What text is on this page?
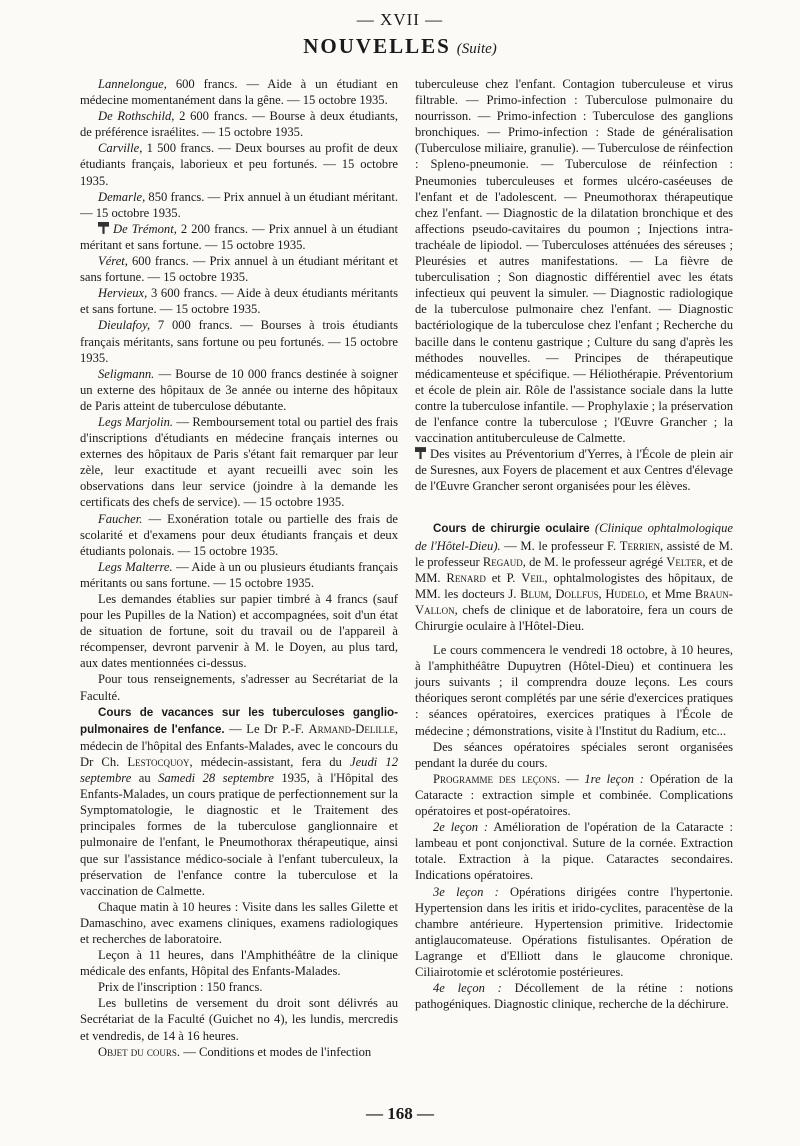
— XVII —
NOUVELLES (Suite)

Lannelongue, 600 francs. — Aide à un étudiant en médecine momentanément dans la gêne. — 15 octobre 1935.

De Rothschild, 2 600 francs. — Bourse à deux étudiants, de préférence israélites. — 15 octobre 1935.

Carville, 1 500 francs. — Deux bourses au profit de deux étudiants français, laborieux et peu fortunés. — 15 octobre 1935.

Demarle, 850 francs. — Prix annuel à un étudiant méritant. — 15 octobre 1935.

De Trémont, 2 200 francs. — Prix annuel à un étudiant méritant et sans fortune. — 15 octobre 1935.

Véret, 600 francs. — Prix annuel à un étudiant méritant et sans fortune. — 15 octobre 1935.

Hervieux, 3 600 francs. — Aide à deux étudiants méritants et sans fortune. — 15 octobre 1935.

Dieulafoy, 7 000 francs. — Bourses à trois étudiants français méritants, sans fortune ou peu fortunés. — 15 octobre 1935.

Seligmann. — Bourse de 10 000 francs destinée à soigner un externe des hôpitaux de 3e année ou interne des hôpitaux de Paris atteint de tuberculose débutante.

Legs Marjolin. — Remboursement total ou partiel des frais d'inscriptions d'étudiants en médecine français internes ou externes des hôpitaux de Paris s'étant fait remarquer par leur zèle, leur exactitude et ayant recueilli avec soin les observations dans leur service (joindre à la demande les certificats des chefs de service). — 15 octobre 1935.

Faucher. — Exonération totale ou partielle des frais de scolarité et d'examens pour deux étudiants français et deux étudiants polonais. — 15 octobre 1935.

Legs Malterre. — Aide à un ou plusieurs étudiants français méritants ou sans fortune. — 15 octobre 1935.

Les demandes établies sur papier timbré à 4 francs (sauf pour les Pupilles de la Nation) et accompagnées, soit d'un état de situation de fortune, soit du travail ou de l'appareil à récompenser, devront parvenir à M. le Doyen, au plus tard, aux dates mentionnées ci-dessus.

Pour tous renseignements, s'adresser au Secrétariat de la Faculté.

Cours de vacances sur les tuberculoses ganglio-pulmonaires de l'enfance. — Le Dr P.-F. Armand-Delille, médecin de l'hôpital des Enfants-Malades, avec le concours du Dr Ch. Lestocquoy, médecin-assistant, fera du Jeudi 12 septembre au Samedi 28 septembre 1935, à l'Hôpital des Enfants-Malades, un cours pratique de perfectionnement sur la Symptomatologie, le diagnostic et le Traitement des principales formes de la tuberculose ganglionnaire et pulmonaire de l'enfant, le Pneumothorax thérapeutique, ainsi que sur l'assistance médico-sociale à l'enfant tuberculeux, la préservation de l'enfance contre la tuberculose et la vaccination de Calmette.

Chaque matin à 10 heures : Visite dans les salles Gilette et Damaschino, avec examens cliniques, examens radiologiques et recherches de laboratoire.

Leçon à 11 heures, dans l'Amphithéâtre de la clinique médicale des enfants, Hôpital des Enfants-Malades.

Prix de l'inscription : 150 francs.

Les bulletins de versement du droit sont délivrés au Secrétariat de la Faculté (Guichet no 4), les lundis, mercredis et vendredis, de 14 à 16 heures.

Objet du cours. — Conditions et modes de l'infection

tuberculeuse chez l'enfant. Contagion tuberculeuse et virus filtrable. — Primo-infection : Tuberculose pulmonaire du nourrisson. — Primo-infection : Tuberculose des ganglions bronchiques. — Primo-infection : Stade de généralisation (Tuberculose miliaire, granulie). — Tuberculose de réinfection : Spleno-pneumonie. — Tuberculose de réinfection : Pneumonies tuberculeuses et formes ulcéro-caséeuses de l'enfant et de l'adolescent. — Pneumothorax thérapeutique chez l'enfant. — Diagnostic de la dilatation bronchique et des affections pseudo-cavitaires du poumon ; Injections intra-trachéale de lipiodol. — Tuberculoses atténuées des séreuses ; Pleurésies et autres manifestations. — La fièvre de tuberculisation ; Son diagnostic différentiel avec les états infectieux qui peuvent la simuler. — Diagnostic radiologique de la tuberculose pulmonaire chez l'enfant. — Diagnostic bactériologique de la tuberculose chez l'enfant ; Recherche du bacille dans le contenu gastrique ; Culture du sang d'après les méthodes nouvelles. — Principes de thérapeutique médicamenteuse et spécifique. — Héliothérapie. Préventorium et école de plein air. Rôle de l'assistance sociale dans la lutte contre la tuberculose infantile. — Prophylaxie ; la préservation de l'enfance contre la tuberculose ; l'Œuvre Grancher ; la vaccination antituberculeuse de Calmette.

Des visites au Préventorium d'Yerres, à l'École de plein air de Suresnes, aux Foyers de placement et aux Centres d'élevage de l'Œuvre Grancher seront organisées pour les élèves.

Cours de chirurgie oculaire (Clinique ophtalmologique de l'Hôtel-Dieu). — M. le professeur F. Terrien, assisté de M. le professeur Regaud, de M. le professeur agrégé Velter, et de MM. Renard et P. Veil, ophtalmologistes des hôpitaux, de MM. les docteurs J. Blum, Dollfus, Hudelo, et Mme Braun-Vallon, chefs de clinique et de laboratoire, fera un cours de Chirurgie oculaire à l'Hôtel-Dieu.

Le cours commencera le vendredi 18 octobre, à 10 heures, à l'amphithéâtre Dupuytren (Hôtel-Dieu) et continuera les jours suivants ; il comprendra douze leçons. Les cours théoriques seront complétés par une série d'exercices pratiques : séances opératoires, exercices pratiques à l'École de médecine ; démonstrations, visite à l'Institut du Radium, etc...

Des séances opératoires spéciales seront organisées pendant la durée du cours.

Programme des leçons. — 1re leçon : Opération de la Cataracte : extraction simple et combinée. Complications opératoires et post-opératoires.

2e leçon : Amélioration de l'opération de la Cataracte : lambeau et pont conjonctival. Suture de la cornée. Extraction totale. Extraction à la pique. Cataractes secondaires. Indications opératoires.

3e leçon : Opérations dirigées contre l'hypertonie. Hypertension dans les iritis et irido-cyclites, paracentèse de la chambre antérieure. Hypertension primitive. Iridectomie antiglaucomateuse. Opérations fistulisantes. Opération de Lagrange et d'Elliott dans le glaucome chronique. Ciliairotomie et sclérotomie postérieures.

4e leçon : Décollement de la rétine : notions pathogéniques. Diagnostic clinique, recherche de la déchirure.

— 168 —
